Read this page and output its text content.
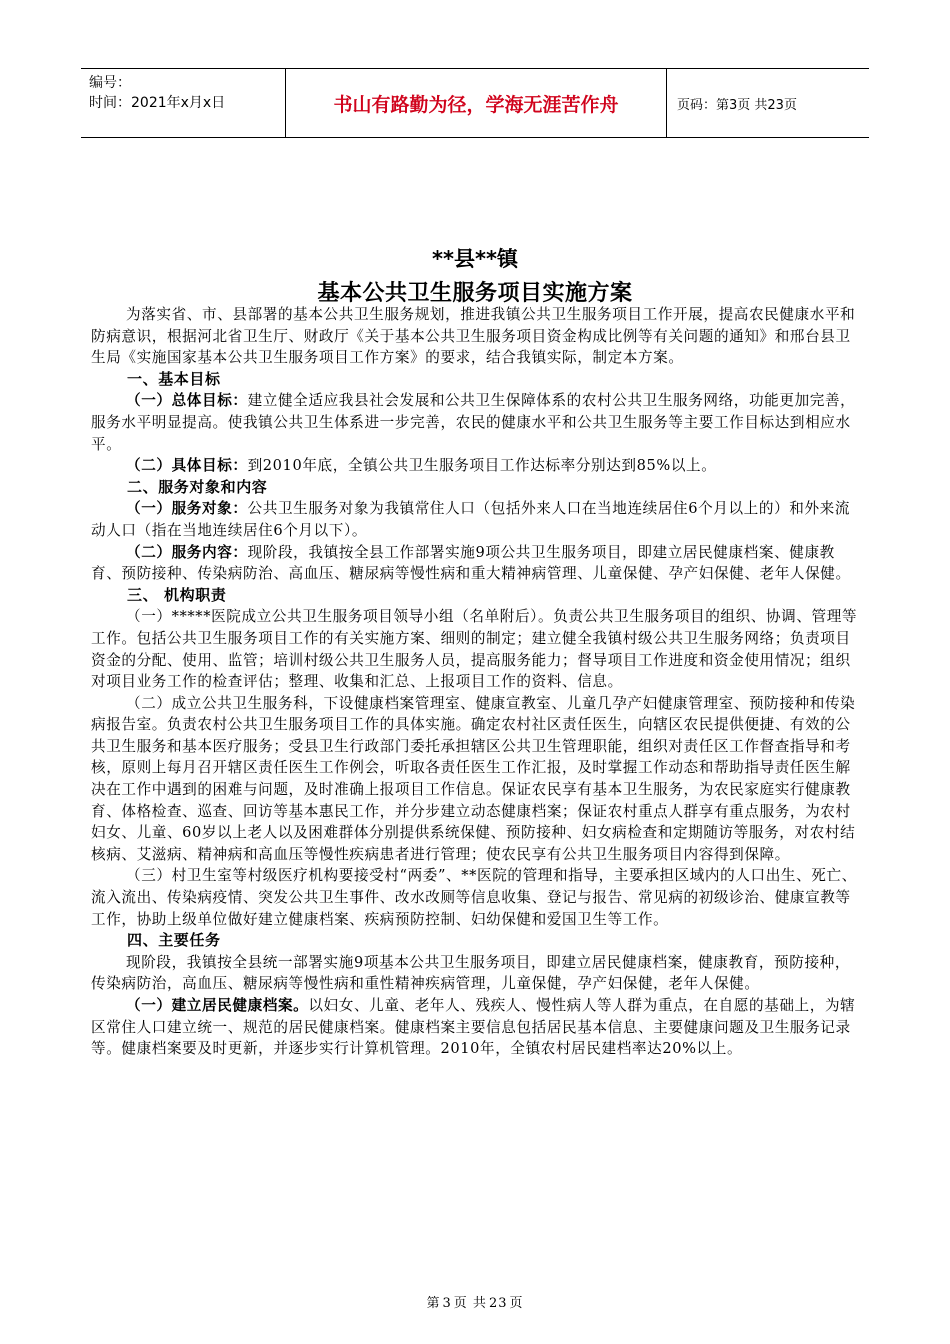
编号：
时间：2021年x月x日	书山有路勤为径，学海无涯苦作舟	页码：第3页 共23页
**县**镇
基本公共卫生服务项目实施方案

为落实省、市、县部署的基本公共卫生服务规划，推进我镇公共卫生服务项目工作开展，提高农民健康水平和防病意识，根据河北省卫生厅、财政厅《关于基本公共卫生服务项目资金构成比例等有关问题的通知》和邢台县卫生局《实施国家基本公共卫生服务项目工作方案》的要求，结合我镇实际，制定本方案。

一、基本目标

（一）总体目标：建立健全适应我县社会发展和公共卫生保障体系的农村公共卫生服务网络，功能更加完善，服务水平明显提高。使我镇公共卫生体系进一步完善，农民的健康水平和公共卫生服务等主要工作目标达到相应水平。

（二）具体目标：到2010年底，全镇公共卫生服务项目工作达标率分别达到85%以上。

二、服务对象和内容

（一）服务对象：公共卫生服务对象为我镇常住人口（包括外来人口在当地连续居住6个月以上的）和外来流动人口（指在当地连续居住6个月以下）。

（二）服务内容：现阶段，我镇按全县工作部署实施9项公共卫生服务项目，即建立居民健康档案、健康教育、预防接种、传染病防治、高血压、糖尿病等慢性病和重大精神病管理、儿童保健、孕产妇保健、老年人保健。

三、 机构职责

（一）*****医院成立公共卫生服务项目领导小组（名单附后）。负责公共卫生服务项目的组织、协调、管理等工作。包括公共卫生服务项目工作的有关实施方案、细则的制定；建立健全我镇村级公共卫生服务网络；负责项目资金的分配、使用、监管；培训村级公共卫生服务人员，提高服务能力；督导项目工作进度和资金使用情况；组织对项目业务工作的检查评估；整理、收集和汇总、上报项目工作的资料、信息。

（二）成立公共卫生服务科，下设健康档案管理室、健康宣教室、儿童几孕产妇健康管理室、预防接种和传染病报告室。负责农村公共卫生服务项目工作的具体实施。确定农村社区责任医生，向辖区农民提供便捷、有效的公共卫生服务和基本医疗服务；受县卫生行政部门委托承担辖区公共卫生管理职能，组织对责任区工作督查指导和考核，原则上每月召开辖区责任医生工作例会，听取各责任医生工作汇报，及时掌握工作动态和帮助指导责任医生解决在工作中遇到的困难与问题，及时准确上报项目工作信息。保证农民享有基本卫生服务，为农民家庭实行健康教育、体格检查、巡查、回访等基本惠民工作，并分步建立动态健康档案；保证农村重点人群享有重点服务，为农村妇女、儿童、60岁以上老人以及困难群体分别提供系统保健、预防接种、妇女病检查和定期随访等服务，对农村结核病、艾滋病、精神病和高血压等慢性疾病患者进行管理；使农民享有公共卫生服务项目内容得到保障。

（三）村卫生室等村级医疗机构要接受村“两委”、**医院的管理和指导，主要承担区域内的人口出生、死亡、流入流出、传染病疫情、突发公共卫生事件、改水改厕等信息收集、登记与报告、常见病的初级诊治、健康宣教等工作，协助上级单位做好建立健康档案、疾病预防控制、妇幼保健和爱国卫生等工作。

四、主要任务

现阶段，我镇按全县统一部署实施9项基本公共卫生服务项目，即建立居民健康档案，健康教育，预防接种，传染病防治，高血压、糖尿病等慢性病和重性精神疾病管理，儿童保健，孕产妇保健，老年人保健。

（一）建立居民健康档案。以妇女、儿童、老年人、残疾人、慢性病人等人群为重点，在自愿的基础上，为辖区常住人口建立统一、规范的居民健康档案。健康档案主要信息包括居民基本信息、主要健康问题及卫生服务记录等。健康档案要及时更新，并逐步实行计算机管理。2010年，全镇农村居民建档率达20%以上。

第 3 页 共 23 页
